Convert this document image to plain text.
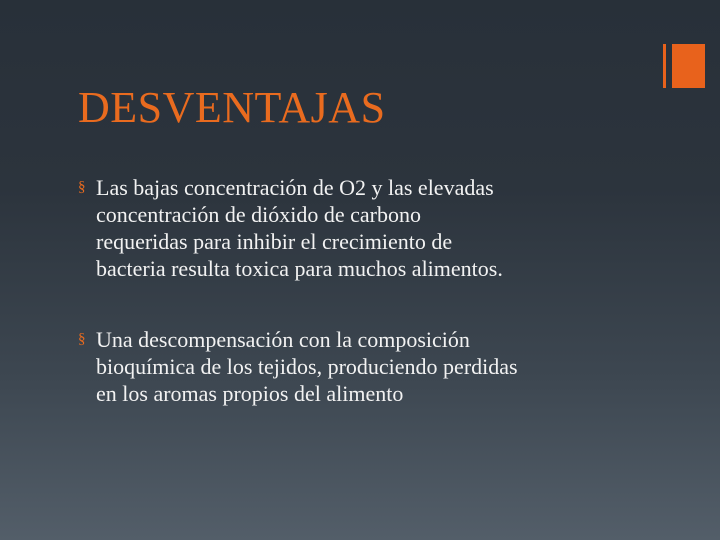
DESVENTAJAS
§ Las bajas concentración de O2 y las elevadas
concentración de dióxido de carbono
requeridas para inhibir el crecimiento de
bacteria resulta toxica para muchos alimentos.
§ Una descompensación con la composición
bioquímica de los tejidos, produciendo perdidas
en los aromas propios del alimento
